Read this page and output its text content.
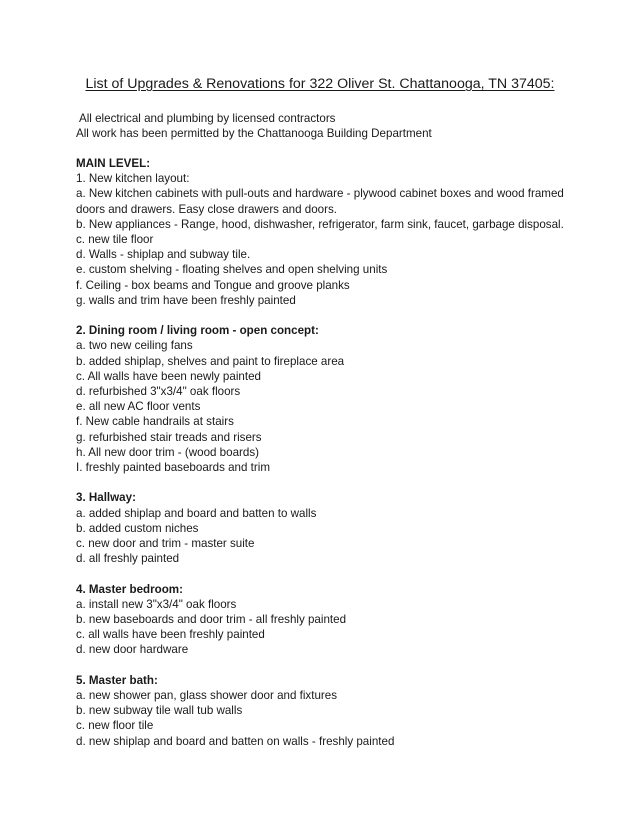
List of Upgrades & Renovations for 322 Oliver St. Chattanooga, TN 37405:

All electrical and plumbing by licensed contractors

All work has been permitted by the Chattanooga Building Department

MAIN LEVEL:

1. New kitchen layout:

a. New kitchen cabinets with pull-outs and hardware - plywood cabinet boxes and wood framed

doors and drawers. Easy close drawers and doors.

b. New appliances - Range, hood, dishwasher, refrigerator, farm sink, faucet, garbage disposal.

c. new tile floor

d. Walls - shiplap and subway tile.

e. custom shelving - floating shelves and open shelving units

f. Ceiling - box beams and Tongue and groove planks

g. walls and trim have been freshly painted

2. Dining room / living room - open concept:

a. two new ceiling fans

b. added shiplap, shelves and paint to fireplace area

c. All walls have been newly painted

d. refurbished 3"x3/4" oak floors

e. all new AC floor vents

f. New cable handrails at stairs

g. refurbished stair treads and risers

h. All new door trim - (wood boards)

I. freshly painted baseboards and trim

3. Hallway:

a. added shiplap and board and batten to walls

b. added custom niches

c. new door and trim - master suite

d. all freshly painted

4. Master bedroom:

a. install new 3"x3/4" oak floors

b. new baseboards and door trim - all freshly painted

c. all walls have been freshly painted

d. new door hardware

5. Master bath:

a. new shower pan, glass shower door and fixtures

b. new subway tile wall tub walls

c. new floor tile

d. new shiplap and board and batten on walls - freshly painted
